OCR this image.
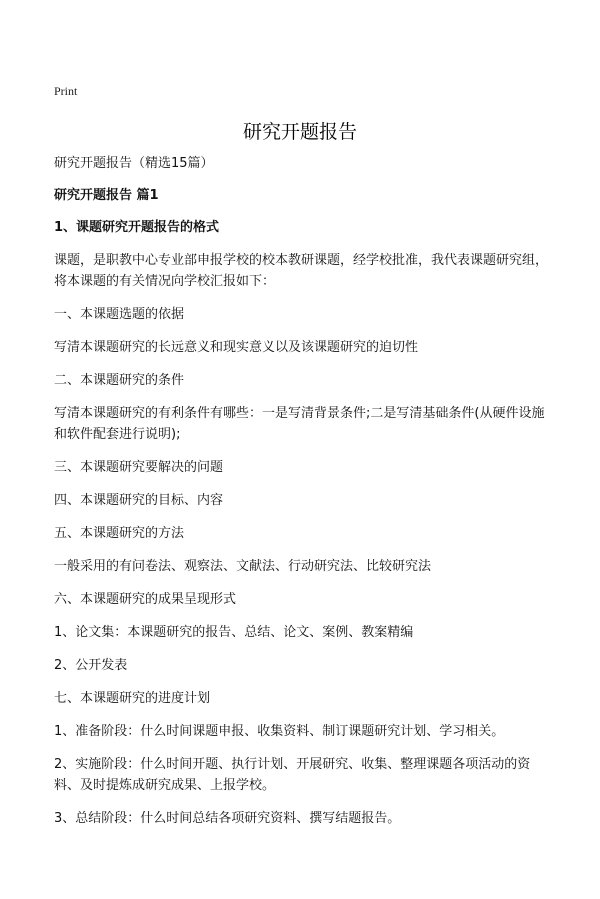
Print
研究开题报告

研究开题报告（精选15篇）

研究开题报告 篇1

1、课题研究开题报告的格式

课题，是职教中心专业部申报学校的校本教研课题，经学校批准，我代表课题研究组，将本课题的有关情况向学校汇报如下：

一、本课题选题的依据

写清本课题研究的长远意义和现实意义以及该课题研究的迫切性

二、本课题研究的条件

写清本课题研究的有利条件有哪些：一是写清背景条件;二是写清基础条件(从硬件设施和软件配套进行说明);

三、本课题研究要解决的问题

四、本课题研究的目标、内容

五、本课题研究的方法

一般采用的有问卷法、观察法、文献法、行动研究法、比较研究法

六、本课题研究的成果呈现形式

1、论文集：本课题研究的报告、总结、论文、案例、教案精编

2、公开发表

七、本课题研究的进度计划

1、准备阶段：什么时间课题申报、收集资料、制订课题研究计划、学习相关。

2、实施阶段：什么时间开题、执行计划、开展研究、收集、整理课题各项活动的资料、及时提炼成研究成果、上报学校。

3、总结阶段：什么时间总结各项研究资料、撰写结题报告。
